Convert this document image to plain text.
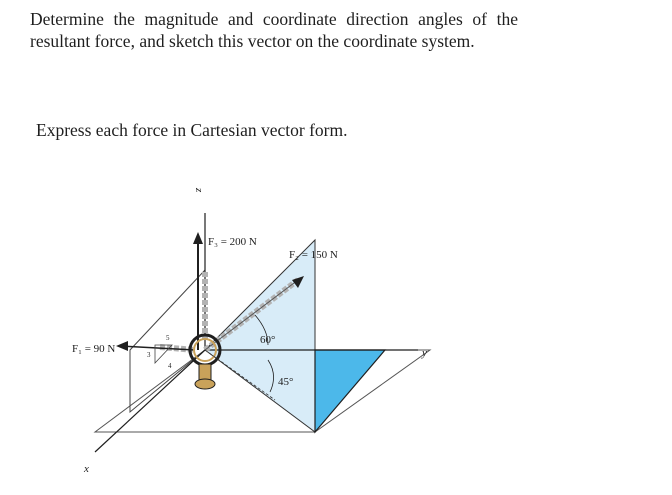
Determine the magnitude and coordinate direction angles of the resultant force, and sketch this vector on the coordinate system.

Express each force in Cartesian vector form.

z
y
x
F₃ = 200 N
F₂ = 150 N
F₁ = 90 N
5
3
4
60°
45°
